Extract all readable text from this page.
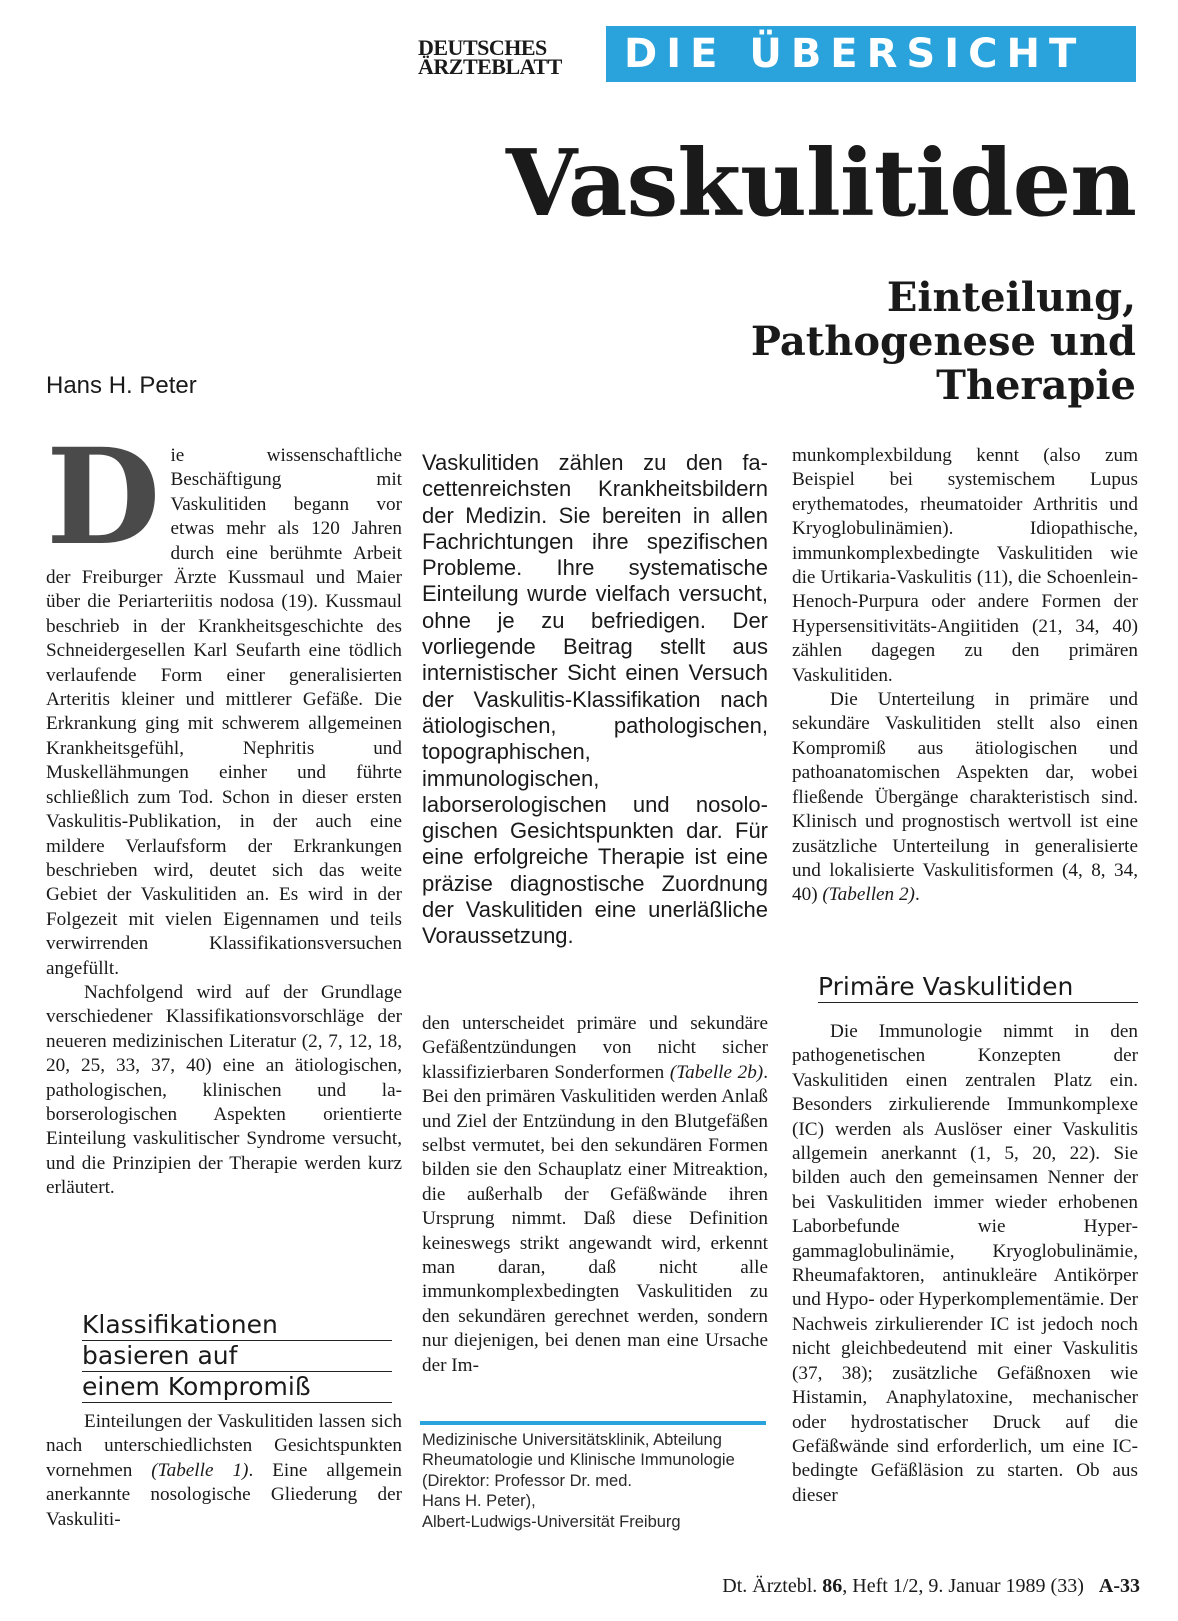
DEUTSCHES
ÄRZTEBLATT	DIE ÜBERSICHT
Vaskulitiden
Einteilung,
Pathogenese und
Therapie
Hans H. Peter
D ie wissenschaftliche Beschäftigung mit Vaskulitiden begann vor etwas mehr als 120 Jahren durch eine berühmte Arbeit der Freiburger Ärzte Kussmaul und Maier über die Periarteriitis nodosa (19). Kussmaul beschrieb in der Krankheitsgeschichte des Schneidergesellen Karl Seufarth eine tödlich verlaufende Form einer generalisierten Arteritis kleiner und mittlerer Gefäße. Die Erkrankung ging mit schwerem allgemeinen Krankheitsgefühl, Nephritis und Muskellähmungen einher und führte schließlich zum Tod. Schon in dieser ersten Vaskulitis-Publikation, in der auch eine mildere Verlaufsform der Erkrankungen beschrieben wird, deutet sich das weite Gebiet der Vaskulitiden an. Es wird in der Folgezeit mit vielen Eigennamen und teils verwirrenden Klassifikationsversuchen angefüllt.

Nachfolgend wird auf der Grundlage verschiedener Klassifikationsvorschläge der neueren medizinischen Literatur (2, 7, 12, 18, 20, 25, 33, 37, 40) eine an ätiologischen, pathologischen, klinischen und laborserologischen Aspekten orientierte Einteilung vaskulitischer Syndrome versucht, und die Prinzipien der Therapie werden kurz erläutert.

Klassifikationen
basieren auf
einem Kompromiß

Einteilungen der Vaskulitiden lassen sich nach unterschiedlichsten Gesichtspunkten vornehmen (Tabelle 1). Eine allgemein anerkannte nosologische Gliederung der Vaskuliti-

Vaskulitiden zählen zu den facettenreichsten Krankheitsbildern der Medizin. Sie bereiten in allen Fachrichtungen ihre spezifischen Probleme. Ihre systematische Einteilung wurde vielfach versucht, ohne je zu befriedigen. Der vorliegende Beitrag stellt aus internistischer Sicht einen Versuch der Vaskulitis-Klassifikation nach ätiologischen, pathologischen, topographischen, immunologischen, laborserologischen und nosologischen Gesichtspunkten dar. Für eine erfolgreiche Therapie ist eine präzise diagnostische Zuordnung der Vaskulitiden eine unerläßliche Voraussetzung.

den unterscheidet primäre und sekundäre Gefäßentzündungen von nicht sicher klassifizierbaren Sonderformen (Tabelle 2b). Bei den primären Vaskulitiden werden Anlaß und Ziel der Entzündung in den Blutgefäßen selbst vermutet, bei den sekundären Formen bilden sie den Schauplatz einer Mitreaktion, die außerhalb der Gefäßwände ihren Ursprung nimmt. Daß diese Definition keineswegs strikt angewandt wird, erkennt man daran, daß nicht alle immunkomplexbedingten Vaskulitiden zu den sekundären gerechnet werden, sondern nur diejenigen, bei denen man eine Ursache der Im-

Medizinische Universitätsklinik, Abteilung
Rheumatologie und Klinische Immunologie
(Direktor: Professor Dr. med.
Hans H. Peter),
Albert-Ludwigs-Universität Freiburg

munkomplexbildung kennt (also zum Beispiel bei systemischem Lupus erythematodes, rheumatoider Arthritis und Kryoglobulinämien). Idiopathische, immunkomplexbedingte Vaskulitiden wie die Urtikaria-Vaskulitis (11), die Schoenlein-Henoch-Purpura oder andere Formen der Hypersensitivitäts-Angiitiden (21, 34, 40) zählen dagegen zu den primären Vaskulitiden.

Die Unterteilung in primäre und sekundäre Vaskulitiden stellt also einen Kompromiß aus ätiologischen und pathoanatomischen Aspekten dar, wobei fließende Übergänge charakteristisch sind. Klinisch und prognostisch wertvoll ist eine zusätzliche Unterteilung in generalisierte und lokalisierte Vaskulitisformen (4, 8, 34, 40) (Tabellen 2).

Primäre Vaskulitiden

Die Immunologie nimmt in den pathogenetischen Konzepten der Vaskulitiden einen zentralen Platz ein. Besonders zirkulierende Immunkomplexe (IC) werden als Auslöser einer Vaskulitis allgemein anerkannt (1, 5, 20, 22). Sie bilden auch den gemeinsamen Nenner der bei Vaskulitiden immer wieder erhobenen Laborbefunde wie Hypergammaglobulinämie, Kryoglobulinämie, Rheumafaktoren, antinukleäre Antikörper und Hypo- oder Hyperkomplementämie. Der Nachweis zirkulierender IC ist jedoch noch nicht gleichbedeutend mit einer Vaskulitis (37, 38); zusätzliche Gefäßnoxen wie Histamin, Anaphylatoxine, mechanischer oder hydrostatischer Druck auf die Gefäßwände sind erforderlich, um eine IC-bedingte Gefäßläsion zu starten. Ob aus dieser

Dt. Ärztebl. 86, Heft 1/2, 9. Januar 1989 (33) A-33
